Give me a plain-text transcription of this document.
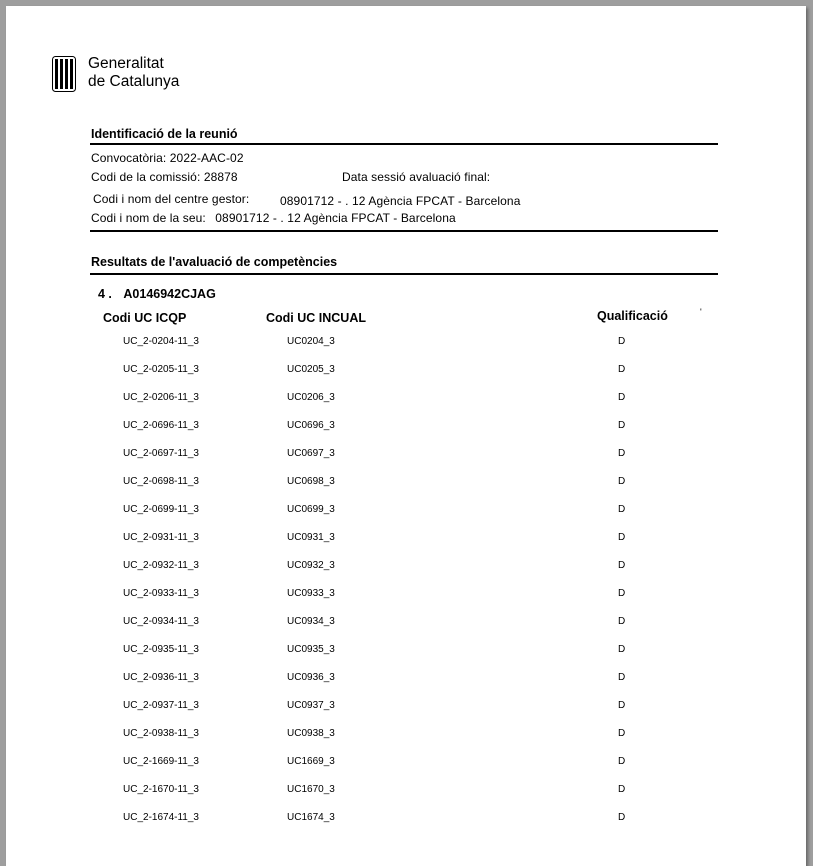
Generalitat
de Catalunya
Identificació de la reunió
Convocatòria: 2022-AAC-02
Codi de la comissió: 28878	Data sessió avaluació final:
Codi i nom del centre gestor:	08901712 - . 12 Agència FPCAT - Barcelona
Codi i nom de la seu: 08901712 - . 12 Agència FPCAT - Barcelona
Resultats de l'avaluació de competències
4 . A0146942CJAG
Codi UC ICQP	Codi UC INCUAL	Qualificació	'
UC_2-0204-11_3	UC0204_3	D
UC_2-0205-11_3	UC0205_3	D
UC_2-0206-11_3	UC0206_3	D
UC_2-0696-11_3	UC0696_3	D
UC_2-0697-11_3	UC0697_3	D
UC_2-0698-11_3	UC0698_3	D
UC_2-0699-11_3	UC0699_3	D
UC_2-0931-11_3	UC0931_3	D
UC_2-0932-11_3	UC0932_3	D
UC_2-0933-11_3	UC0933_3	D
UC_2-0934-11_3	UC0934_3	D
UC_2-0935-11_3	UC0935_3	D
UC_2-0936-11_3	UC0936_3	D
UC_2-0937-11_3	UC0937_3	D
UC_2-0938-11_3	UC0938_3	D
UC_2-1669-11_3	UC1669_3	D
UC_2-1670-11_3	UC1670_3	D
UC_2-1674-11_3	UC1674_3	D
